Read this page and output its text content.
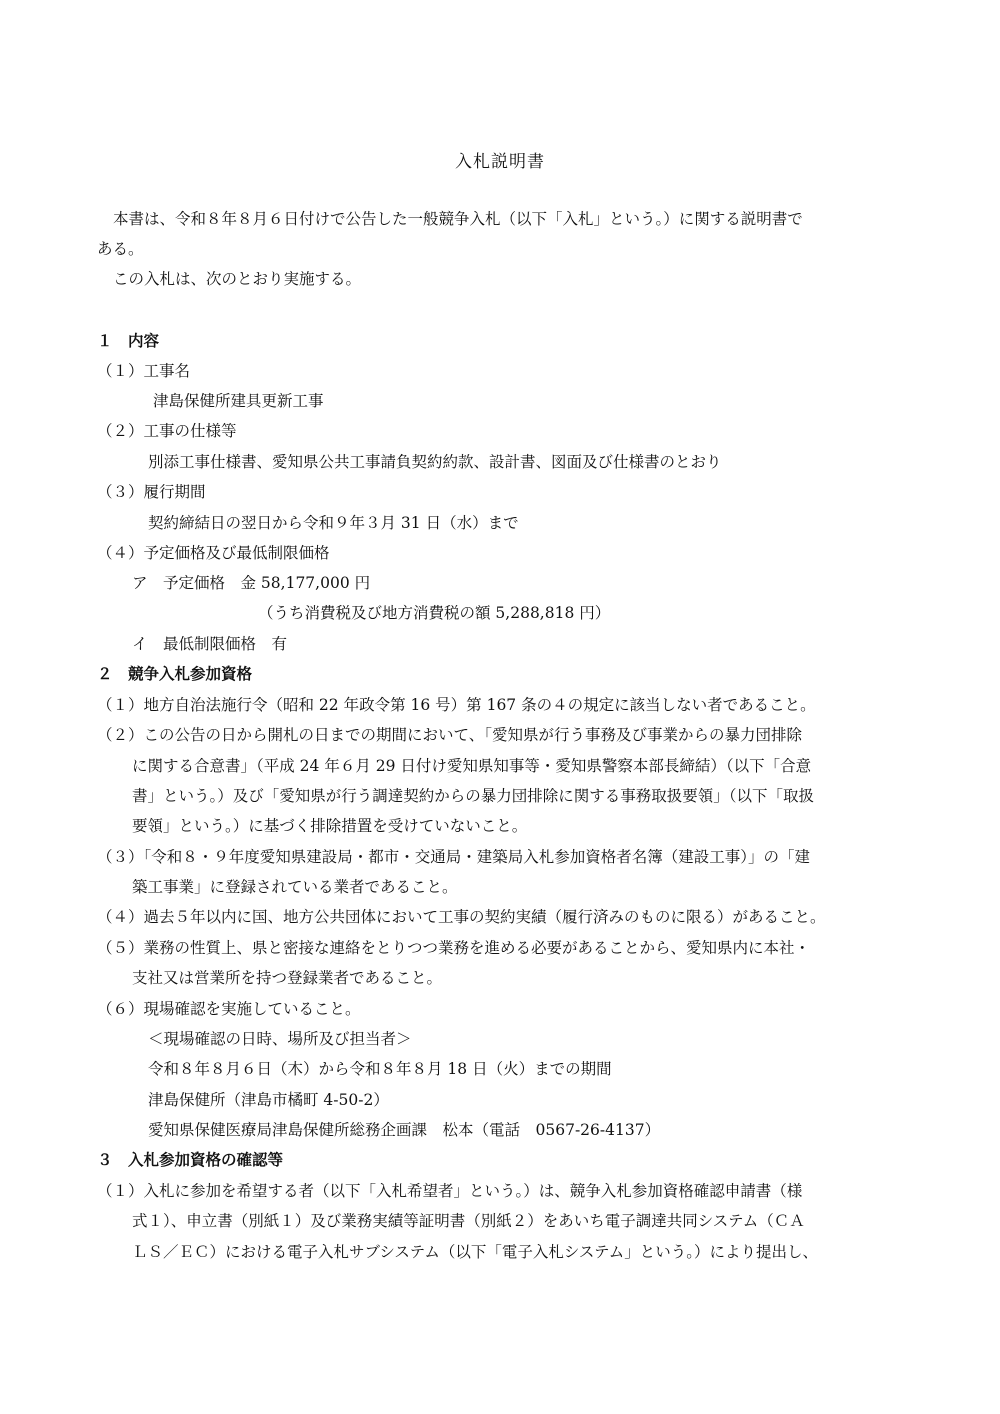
入札説明書
本書は、令和８年８月６日付けで公告した一般競争入札（以下「入札」という。）に関する説明書で
ある。
この入札は、次のとおり実施する。
１　内容
（１）工事名
津島保健所建具更新工事
（２）工事の仕様等
別添工事仕様書、愛知県公共工事請負契約約款、設計書、図面及び仕様書のとおり
（３）履行期間
契約締結日の翌日から令和９年３月 31 日（水）まで
（４）予定価格及び最低制限価格
ア　予定価格　金 58,177,000 円
（うち消費税及び地方消費税の額 5,288,818 円）
イ　最低制限価格　有
２　競争入札参加資格
（１）地方自治法施行令（昭和 22 年政令第 16 号）第 167 条の４の規定に該当しない者であること。
（２）この公告の日から開札の日までの期間において、「愛知県が行う事務及び事業からの暴力団排除
に関する合意書」（平成 24 年６月 29 日付け愛知県知事等・愛知県警察本部長締結）（以下「合意
書」という。）及び「愛知県が行う調達契約からの暴力団排除に関する事務取扱要領」（以下「取扱
要領」という。）に基づく排除措置を受けていないこと。
（３）「令和８・９年度愛知県建設局・都市・交通局・建築局入札参加資格者名簿（建設工事）」の「建
築工事業」に登録されている業者であること。
（４）過去５年以内に国、地方公共団体において工事の契約実績（履行済みのものに限る）があること。
（５）業務の性質上、県と密接な連絡をとりつつ業務を進める必要があることから、愛知県内に本社・
支社又は営業所を持つ登録業者であること。
（６）現場確認を実施していること。
＜現場確認の日時、場所及び担当者＞
令和８年８月６日（木）から令和８年８月 18 日（火）までの期間
津島保健所（津島市橘町 4-50-2）
愛知県保健医療局津島保健所総務企画課　松本（電話　0567-26-4137）
３　入札参加資格の確認等
（１）入札に参加を希望する者（以下「入札希望者」という。）は、競争入札参加資格確認申請書（様
式１）、申立書（別紙１）及び業務実績等証明書（別紙２）をあいち電子調達共同システム（ＣＡ
ＬＳ／ＥＣ）における電子入札サブシステム（以下「電子入札システム」という。）により提出し、
